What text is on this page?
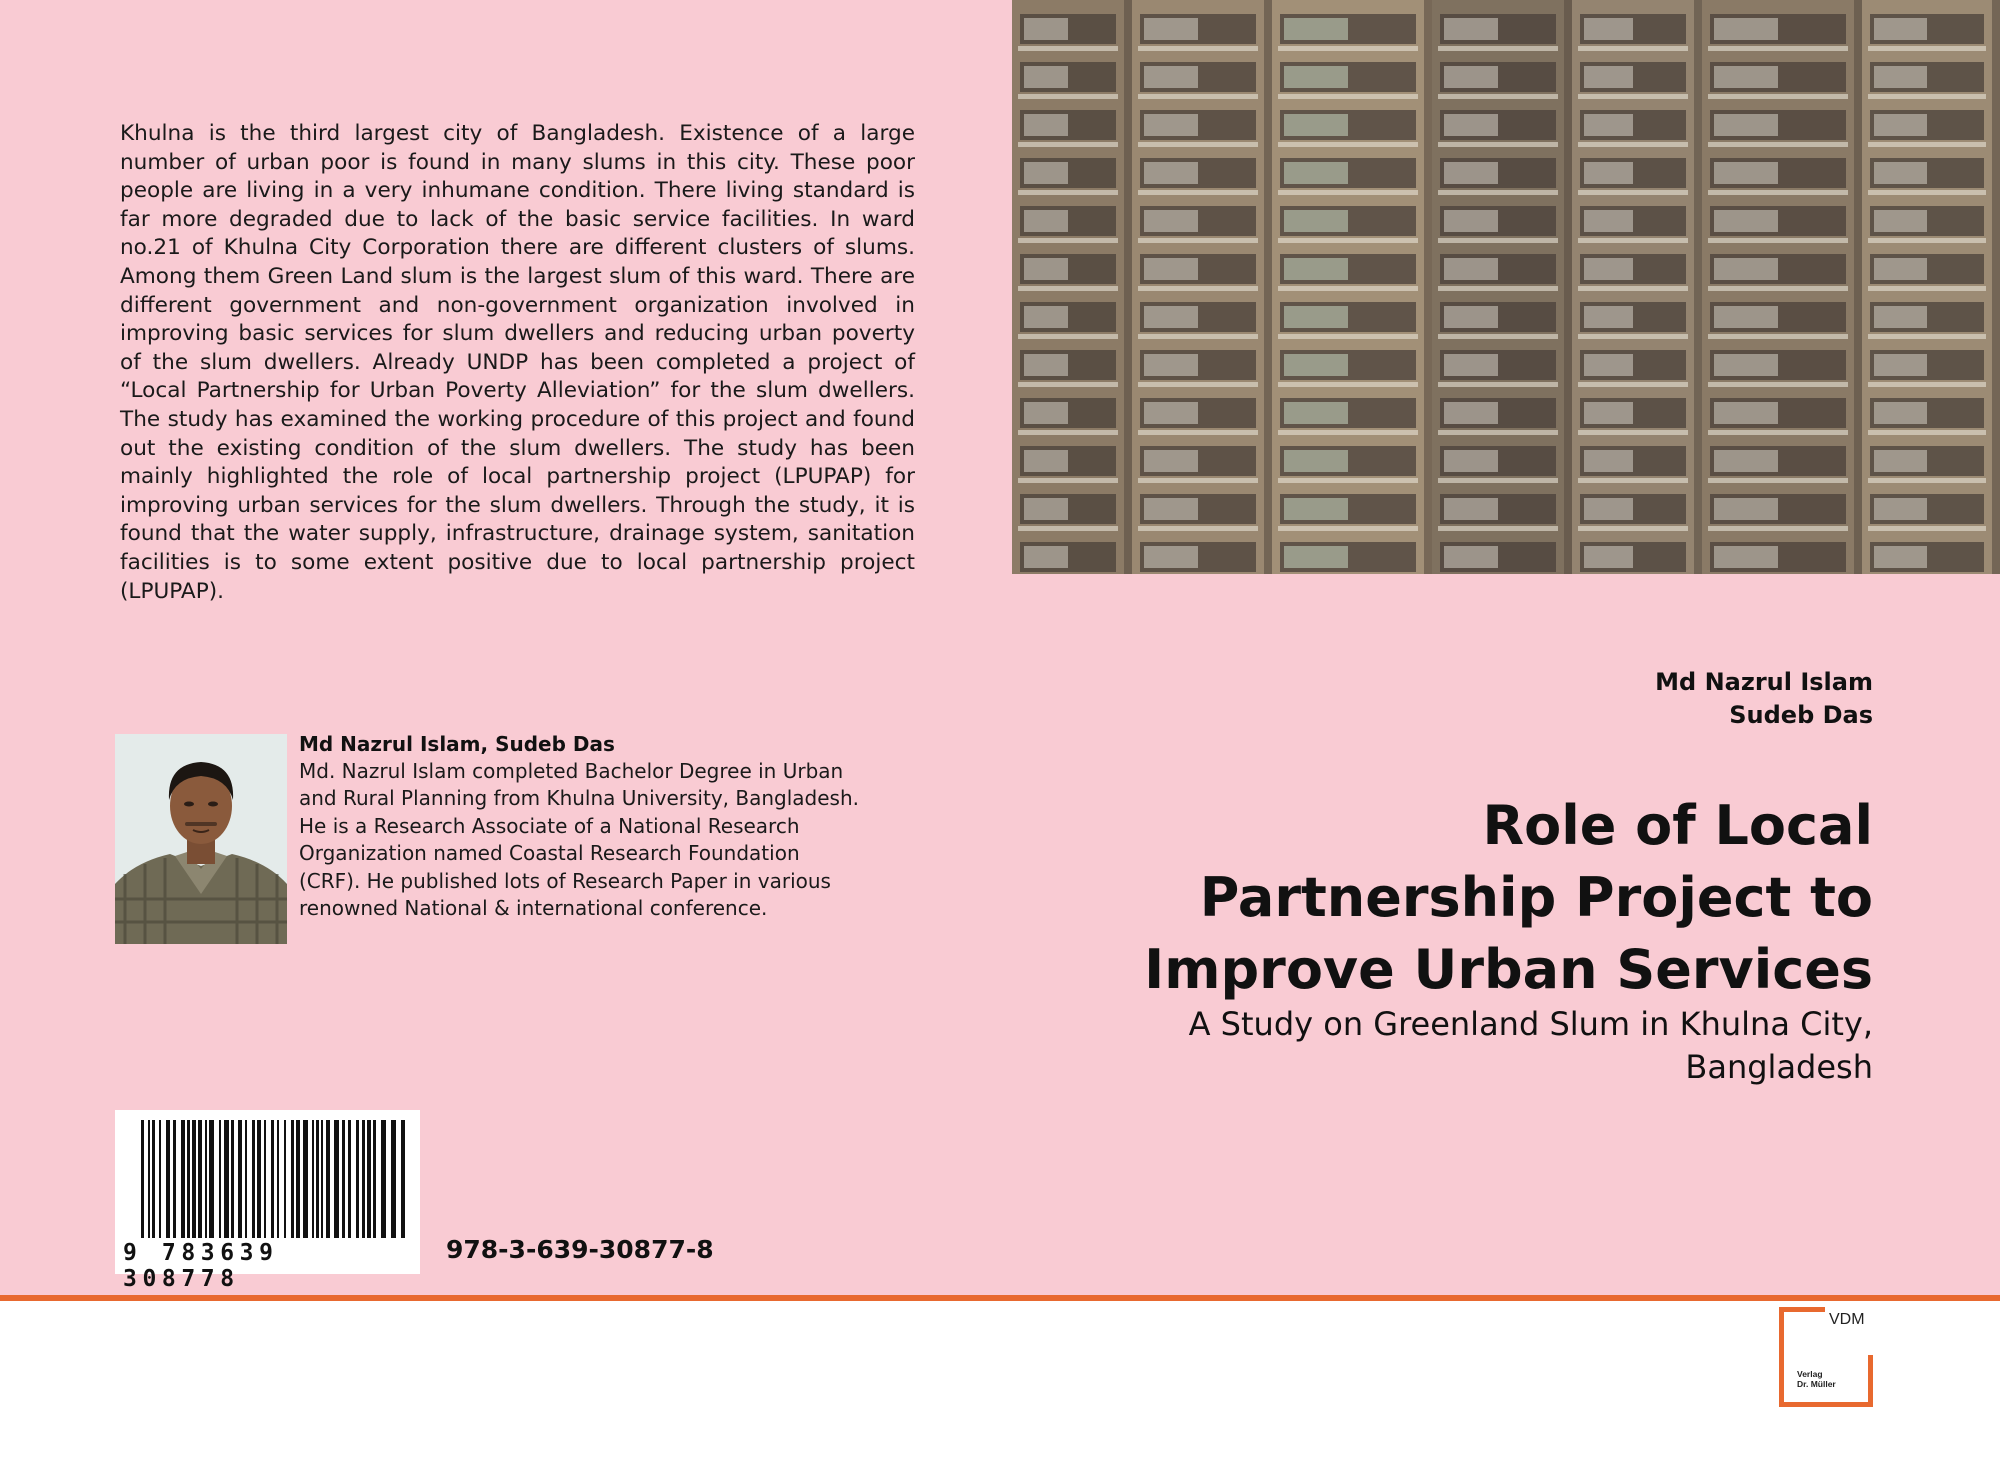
Khulna is the third largest city of Bangladesh. Existence of a large number of urban poor is found in many slums in this city. These poor people are living in a very inhumane condition. There living standard is far more degraded due to lack of the basic service facilities. In ward no.21 of Khulna City Corporation there are different clusters of slums. Among them Green Land slum is the largest slum of this ward. There are different government and non-government organization involved in improving basic services for slum dwellers and reducing urban poverty of the slum dwellers. Already UNDP has been completed a project of “Local Partnership for Urban Poverty Alleviation” for the slum dwellers. The study has examined the working procedure of this project and found out the existing condition of the slum dwellers. The study has been mainly highlighted the role of local partnership project (LPUPAP) for improving urban services for the slum dwellers. Through the study, it is found that the water supply, infrastructure, drainage system, sanitation facilities is to some extent positive due to local partnership project (LPUPAP).

Md Nazrul Islam, Sudeb Das

Md. Nazrul Islam completed Bachelor Degree in Urban and Rural Planning from Khulna University, Bangladesh. He is a Research Associate of a National Research Organization named Coastal Research Foundation (CRF). He published lots of Research Paper in various renowned National & international conference.

9 783639 308778
978-3-639-30877-8
Md Nazrul Islam
Sudeb Das
Role of Local Partnership Project to Improve Urban Services

A Study on Greenland Slum in Khulna City, Bangladesh

VDM
Verlag
Dr. Müller
